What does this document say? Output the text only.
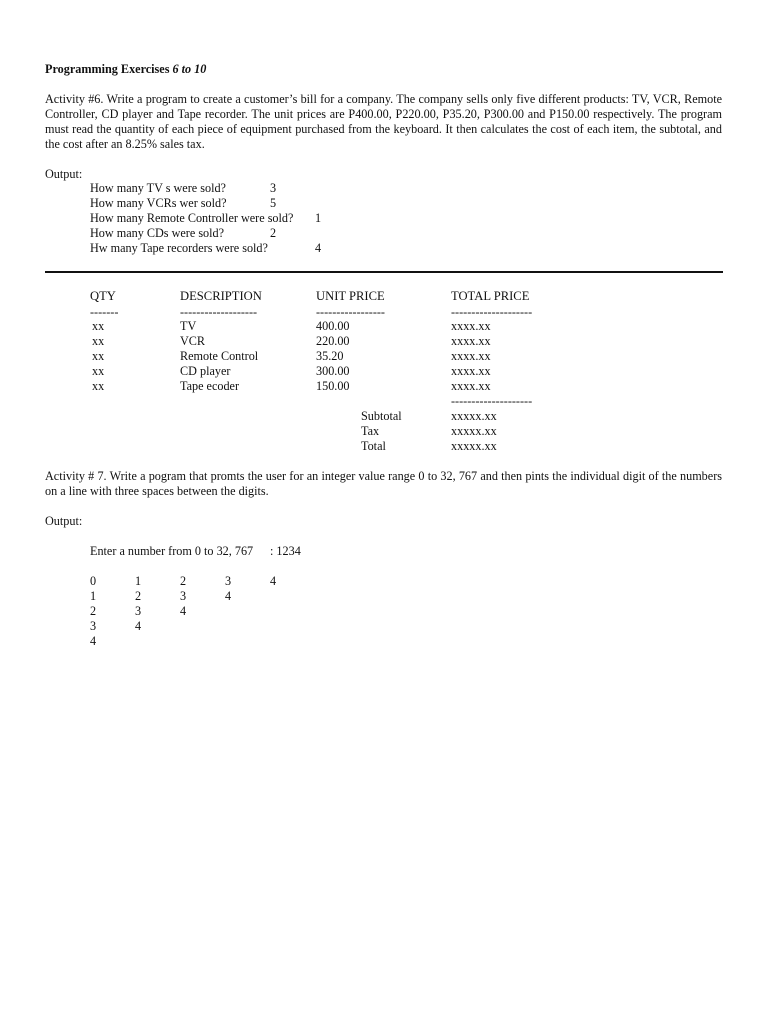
Programming Exercises 6 to 10
Activity #6. Write a program to create a customer’s bill for a company. The company sells only five different products: TV, VCR, Remote Controller, CD player and Tape recorder. The unit prices are P400.00, P220.00, P35.20, P300.00 and P150.00 respectively. The program must read the quantity of each piece of equipment purchased from the keyboard. It then calculates the cost of each item, the subtotal, and the cost after an 8.25% sales tax.
Output:
How many TV s were sold?	3
How many VCRs wer sold?	5
How many Remote Controller were sold? 1
How many CDs were sold?	2
Hw many Tape recorders were sold?	4
QTY	DESCRIPTION	UNIT PRICE	TOTAL PRICE
-------	-------------------	-----------------	--------------------
xx	TV	400.00	xxxx.xx
xx	VCR	220.00	xxxx.xx
xx	Remote Control	35.20	xxxx.xx
xx	CD player	300.00	xxxx.xx
xx	Tape ecoder	150.00	xxxx.xx
--------------------
Subtotal	xxxxx.xx
Tax	xxxxx.xx
Total	xxxxx.xx
Activity # 7. Write a pogram that promts the user for an integer value range 0 to 32, 767 and then pints the individual digit of the numbers on a line with three spaces between the digits.
Output:
Enter a number from 0 to 32, 767 : 1234
0	1	2	3	4
1	2	3	4
2	3	4
3	4
4
